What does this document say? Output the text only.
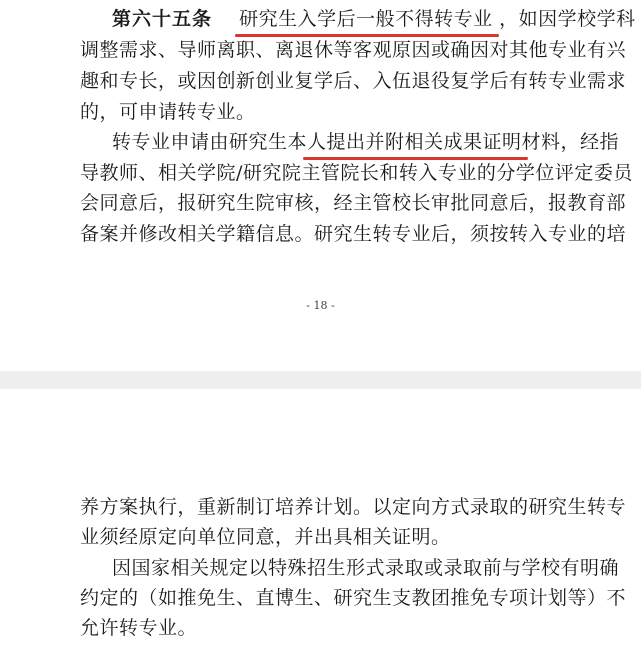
第六十五条 研究生入学后一般不得转专业 ，如因学校学科
调整需求、导师离职、离退休等客观原因或确因对其他专业有兴
趣和专长，或因创新创业复学后、入伍退役复学后有转专业需求
的，可申请转专业。
转专业申请由研究生本人提出并附相关成果证明材料，经指
导教师、相关学院/研究院主管院长和转入专业的分学位评定委员
会同意后，报研究生院审核，经主管校长审批同意后，报教育部
备案并修改相关学籍信息。研究生转专业后，须按转入专业的培
- 18 -
养方案执行，重新制订培养计划。以定向方式录取的研究生转专
业须经原定向单位同意，并出具相关证明。
因国家相关规定以特殊招生形式录取或录取前与学校有明确
约定的（如推免生、直博生、研究生支教团推免专项计划等）不
允许转专业。
